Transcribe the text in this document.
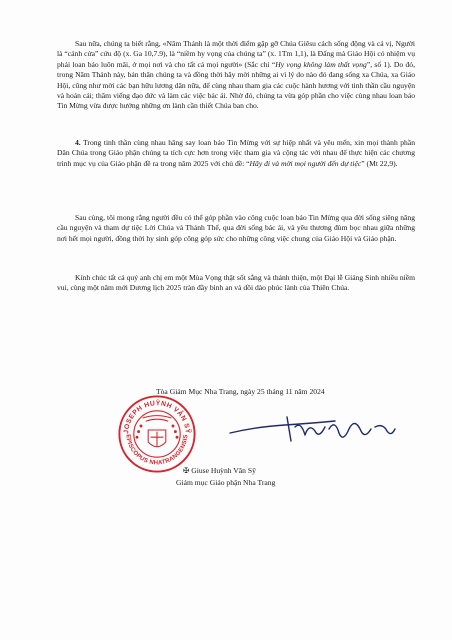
Sau nữa, chúng ta biết rằng, «Năm Thánh là một thời điểm gặp gỡ Chúa Giêsu cách sống động và cá vị, Người là “cánh cửa” cứu độ (x. Ga 10,7.9), là “niềm hy vọng của chúng ta” (x. 1Tm 1,1), là Đấng mà Giáo Hội có nhiệm vụ phải loan báo luôn mãi, ở mọi nơi và cho tất cả mọi người» (Sắc chỉ “Hy vọng không làm thất vọng”, số 1). Do đó, trong Năm Thánh này, bản thân chúng ta và đồng thời hãy mời những ai vì lý do nào đó đang sống xa Chúa, xa Giáo Hội, cũng như mời các bạn hữu lương dân nữa, để cùng nhau tham gia các cuộc hành hương với tinh thần cầu nguyện và hoán cải; thăm viếng đạo đức và làm các việc bác ái. Nhờ đó, chúng ta vừa góp phần cho việc cùng nhau loan báo Tin Mừng vừa được hưởng những ơn lành cần thiết Chúa ban cho.

4. Trong tinh thần cùng nhau hăng say loan báo Tin Mừng với sự hiệp nhất và yêu mến, xin mọi thành phần Dân Chúa trong Giáo phận chúng ta tích cực hơn trong việc tham gia và cộng tác với nhau để thực hiện các chương trình mục vụ của Giáo phận đề ra trong năm 2025 với chủ đề: “Hãy đi và mời mọi người đến dự tiệc” (Mt 22,9).

Sau cùng, tôi mong rằng người đều có thể góp phần vào công cuộc loan báo Tin Mừng qua đời sống siêng năng cầu nguyện và tham dự tiệc Lời Chúa và Thánh Thể, qua đời sống bác ái, và yêu thương đùm bọc nhau giữa những nơi hết mọi người, đồng thời hy sinh góp công góp sức cho những công việc chung của Giáo Hội và Giáo phận.

Kính chúc tất cả quý anh chị em một Mùa Vọng thật sốt sắng và thánh thiện, một Đại lễ Giáng Sinh nhiều niềm vui, cùng một năm mới Dương lịch 2025 tràn đầy bình an và dồi dào phúc lành của Thiên Chúa.

Tòa Giám Mục Nha Trang, ngày 25 tháng 11 năm 2024
JOSEPH HUỲNH VĂN SỸ
EPISCOPUS NHATRANGENSIS
✠ Giuse Huỳnh Văn Sỹ
Giám mục Giáo phận Nha Trang
